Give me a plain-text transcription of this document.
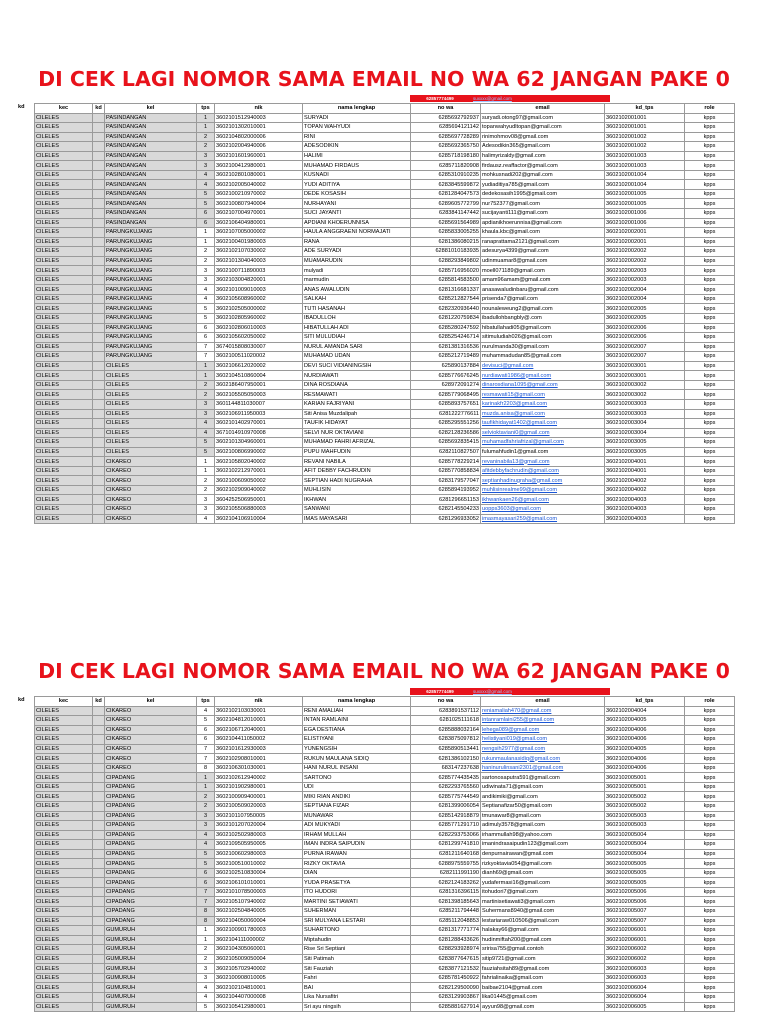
DI CEK LAGI NOMOR SAMA EMAIL NO WA 62 JANGAN PAKE 0
62857774499	suxxxx@gmail.com
kec	kd	kel	tps	nik	nama lengkap	no wa	email	kd_tps	role
CILELES		PASINDANGAN	1	3602101512940003	SURYADI	6285692792937	suryadi.otong97@gmail.com	3602102001001	kpps
CILELES		PASINDANGAN	1	3602101302010001	TOPAN WAHYUDI	6285694121142	topanwahyudltopan@gmail.com	3602102001001	kpps
CILELES		PASINDANGAN	2	3602104802000006	RINI	6285697728289	rinimohmov08@gmail.com	3602102001002	kpps
CILELES		PASINDANGAN	2	3602102004940006	ADESODIKIN	6285692365750	Adesodikin365@gmail.com	3602102001002	kpps
CILELES		PASINDANGAN	3	3602101601960001	HALIMI	6285718198180	halimyrizaldy@gmail.com	3602102001003	kpps
CILELES		PASINDANGAN	3	3602100412980001	MUHAMAD FIRDAUS	6285711820908	firdausz.reaffactor@gmail.com	3602102001003	kpps
CILELES		PASINDANGAN	4	3602102801080001	KUSNADI	6285310910235	mohkusnadi202@gmail.com	3602102001004	kpps
CILELES		PASINDANGAN	4	3602102005040002	YUDI ADITIYA	6283845599872	yudiaditiya785@gmail.com	3602102001004	kpps
CILELES		PASINDANGAN	5	3602100210970002	DEDE KOSASIH	6281284047573	dedekosasih1995@gmail.com	3602102001005	kpps
CILELES		PASINDANGAN	5	3602100807940004	NURHAYANI	6289605772799	nur752377@gmail.com	3602102001005	kpps
CILELES		PASINDANGAN	6	3602107004970001	SUCI JAYANTI	6283841147442	sucijayanti111@gmail.com	3602102001006	kpps
CILELES		PASINDANGAN	6	3602106404980001	APDIANI KHOERUNNISA	6285691564989	apdianikhoerunnisa@gmail.com	3602102001006	kpps
CILELES		PARUNGKUJANG	1	3602107005000002	HAULA ANGGRAENI NORMAJATI	6285833005255	khaula.kbc@gmail.com	3602102002001	kpps
CILELES		PARUNGKUJANG	1	3602100401980003	RANA	6281386080215	ranaprattama2121@gmail.com	3602102002001	kpps
CILELES		PARUNGKUJANG	2	3602102107030002	ADE SURYADI	62881010183935	adesurya4399@gmail.com	3602102002002	kpps
CILELES		PARUNGKUJANG	2	3602101304040003	MUAMARUDIN	6288293849802	udinmuamar8@gmail.com	3602102002002	kpps
CILELES		PARUNGKUJANG	3	3602100711890003	mulyadi	6285716956020	moell071189@gmail.com	3602102002003	kpps
CILELES		PARUNGKUJANG	3	3602103004820001	marmudin	6285814583500	amam96amam@gmail.com	3602102002003	kpps
CILELES		PARUNGKUJANG	4	3602101009010003	ANAS AWALUDIN	6281316681337	anasawaludinbaru@gmail.com	3602102002004	kpps
CILELES		PARUNGKUJANG	4	3602105608960002	SALKAH	6285212827544	prisenda7@gmail.com	3602102002004	kpps
CILELES		PARUNGKUJANG	5	3602102505000002	TUTI HASANAH	6282320936440	nounaleweung2@gmail.com	3602102002005	kpps
CILELES		PARUNGKUJANG	5	3602102805960002	IBADULLOH	6281220759834	ibadullohbangbly@.com	3602102002005	kpps
CILELES		PARUNGKUJANG	6	3602102806010003	HIBATULLAH ADI	6285280247592	hibatullahadi05@gmail.com	3602102002006	kpps
CILELES		PARUNGKUJANG	6	3602105602050002	SITI MULUDIAH	6285254246714	sitimuludiah026@gmail.com	3602102002006	kpps
CILELES		PARUNGKUJANG	7	3674015808030007	NURUL AMANDA SARI	6281381316536	nurulmanda30@gmail.com	3602102002007	kpps
CILELES		PARUNGKUJANG	7	3602100511020002	MUHAMAD UDAN	6285212719489	muhammadudan85@gmail.com	3602102002007	kpps
CILELES		CILELES	1	3602106612020002	DEVI SUCI VIDIANINGSIH	625890137884	devisuci@gmail.com	3602102003001	kpps
CILELES		CILELES	1	3602104510860004	NURDIAWATI	6285776676245	nurdiawati1986@gmail.com	3602102003001	kpps
CILELES		CILELES	2	3602186407950001	DINA ROSDIANA	628972091274	dinarosdiana1095@gmail.com	3602102003002	kpps
CILELES		CILELES	2	3602105505050003	RESMAWATI	6285779068495	resmawati15@gmail.com	3602102003002	kpps
CILELES		CILELES	3	3601144811030007	KARIAN FAJRIYANI	6285893757651	karinakfr2203@gmail.com	3602102003003	kpps
CILELES		CILELES	3	3602106911950003	Siti Anisa Muzdalipah	6281222776611	muzda.anisa@gmail.com	3602102003003	kpps
CILELES		CILELES	4	3602101402970001	TAUFIK HIDAYAT	6285295551256	taufikhidayat1402@gmail.com	3602102003004	kpps
CILELES		CILELES	4	3671014910970008	SELVI NUR OKTAVIANI	6282128236586	selvioktaviani0@gmail.com	3602102003004	kpps
CILELES		CILELES	5	3602101304960001	MUHAMAD FAHRI AFRIZAL	6285692835415	muhamadfahriafrizal@gmail.com	3602102003005	kpps
CILELES		CILELES	5	3602100806990002	PUPU MAHFUDIN	6282110827507	fulumahfudin1@gmail.com	3602102003005	kpps
CILELES		CIKAREO	1	3602105802040002	REVANI NABILA	6285778229214	revaninabila13@gmail.com	3602102004001	kpps
CILELES		CIKAREO	1	3602102212970001	AFIT DEBBY FACHRUDIN	6285770858834	afitdebbyfachrudin@gmail.com	3602102004001	kpps
CILELES		CIKAREO	2	3602100609050002	SEPTIAN HADI NUGRAHA	6283179577047	septianhadinugraha@gmail.com	3602102004002	kpps
CILELES		CIKAREO	2	3602102909040002	MUHLISIN	6285894193952	muhlisinrealme99@gmail.com	3602102004002	kpps
CILELES		CIKAREO	3	3604252506950001	IKHWAN	6281296651153	ikhwankaen26@gmail.com	3602102004003	kpps
CILELES		CIKAREO	3	3602105506880003	SANWANI	6282145504233	uopps3603@gmail.com	3602102004003	kpps
CILELES		CIKAREO	4	3602104106910004	IMAS MAYASARI	6281296933052	imasmayasari259@gmail.com	3602102004003	kpps
kd
DI CEK LAGI NOMOR SAMA EMAIL NO WA 62 JANGAN PAKE 0
62857774499	suxxxx@gmail.com
kec	kd	kel	tps	nik	nama lengkap	no wa	email	kd_tps	role
CILELES		CIKAREO	4	3602102103030001	RENI AMALIAH	6283891537112	reniamaliah470@gmail.com	3602102004004	kpps
CILELES		CIKAREO	5	3602104812010001	INTAN RAMLAINI	6281025111618	intanramlaini255@gmail.com	3602102004005	kpps
CILELES		CIKAREO	6	3602106712040001	EGA DESTIANA	6285888032164	lehega089@gmail.com	3602102004006	kpps
CILELES		CIKAREO	6	3602104411050002	ELISTIYANI	6283875097812	helistiyani019@gmail.com	3602102004006	kpps
CILELES		CIKAREO	7	3602101612930003	YUNENGSIH	6285890513441	nengsih2977@gmail.com	3602102004005	kpps
CILELES		CIKAREO	7	3602102908010001	RUKUN MAULANA SIDIQ	6281386102150	rukunmaulanasidiq@gmail.com	3602102004006	kpps
CILELES		CIKAREO	8	3602106301030001	HANI NURUL INSANI	683147237638	haninurulinsani2301@gmail.com	3602102004006	kpps
CILELES		CIPADANG	1	3602102612940002	SARTONO	6285774435435	sartonosaputra591@gmail.com	3602102005001	kpps
CILELES		CIPADANG	1	3602101902980001	UDI	6282293765560	udiwinata71@gmail.com	3602102005001	kpps
CILELES		CIPADANG	2	3602100909400001	MIKI RIAN ANDIKI	6285775744549	andikimiki@gmail.com	3602102005002	kpps
CILELES		CIPADANG	2	3602100509020003	SEPTIANA FIZAR	6281399006054	Septianafizar50@gmail.com	3602102005002	kpps
CILELES		CIPADANG	3	3602101107950005	MUNAWAR	6285142918879	tmunawar8@gmail.com	3602102005003	kpps
CILELES		CIPADANG	3	3602101207020004	ADI MUKYADI	6285771291710	adimuly3578@gmail.com	3602102005003	kpps
CILELES		CIPADANG	4	3602102502980003	IRHAM MULLAH	6282293753066	irhammullah98@yahoo.com	3602102005004	kpps
CILELES		CIPADANG	4	3602109505950005	IMAN INDRA SAIPUDIN	6281299741810	imanindrasaipudin123@gmail.com	3602102005004	kpps
CILELES		CIPADANG	5	3602100602980003	PURNA IRAWAN	6281211640168	denpurnairawan@gmail.com	3602102005004	kpps
CILELES		CIPADANG	5	3602100510010002	RIZKY OKTAVIA	6288975559755	rizkyoktavia054@gmail.com	3602102005005	kpps
CILELES		CIPADANG	6	3602102510830004	DIAN	6282111991190	dianh69@gmail.com	3602102005005	kpps
CILELES		CIPADANG	6	3602106101010001	YUDA PRASETYA	6282124183262	yudafermasi16@gmail.com	3602102005005	kpps
CILELES		CIPADANG	7	3602101078500003	ITO HUDORI	6281316396115	itohudori7@gmail.com	3602102005006	kpps
CILELES		CIPADANG	7	3602105107940002	MARTINI SETIAWATI	6281398185643	martinisetiawati3@gmail.com	3602102005006	kpps
CILELES		CIPADANG	8	3602102504840005	SUHERMAN	6285211794448	Suhermans8940@gmail.com	3602102005007	kpps
CILELES		CIPADANG	8	3602104050060004	SRI MULYANA LESTARI	6285112048853	lestariaraw010506@gmail.com	3602102005007	kpps
CILELES		GUMURUH	1	3602100901780003	SUHARTONO	6281317771774	halakay66@gmail.com	3602102006001	kpps
CILELES		GUMURUH	1	3602104111000002	Miptahudin	6281288433626	hudinmiftah200@gmail.com	3602102006001	kpps
CILELES		GUMURUH	2	3602104305060001	Rise Sri Septiani	6288293928974	sririsa755@gmail.contoh	3602102006002	kpps
CILELES		GUMURUH	2	3602105009050004	Siti Patimah	6283877647615	sitip9721@gmail.com	3602102006002	kpps
CILELES		GUMURUH	3	3602105702940002	Siti Fauziah	6283877121532	fauziahsitah89@gmail.com	3602102006003	kpps
CILELES		GUMURUH	3	3602100908010005	Fahri	6285781450922	fahrialinaika@gmail.com	3602102006003	kpps
CILELES		GUMURUH	4	3602102104810001	BAI	6282129500090	baibae2104@gmail.com	3602102006004	kpps
CILELES		GUMURUH	4	3602104407000008	Lika Nursafitri	6283129903867	lika01445@gmail.com	3602102006004	kpps
CILELES		GUMURUH	5	3602105412980001	Sri ayu ningsih	6285881627914	ayyun98@gmail.com	3602102006005	kpps
kd
